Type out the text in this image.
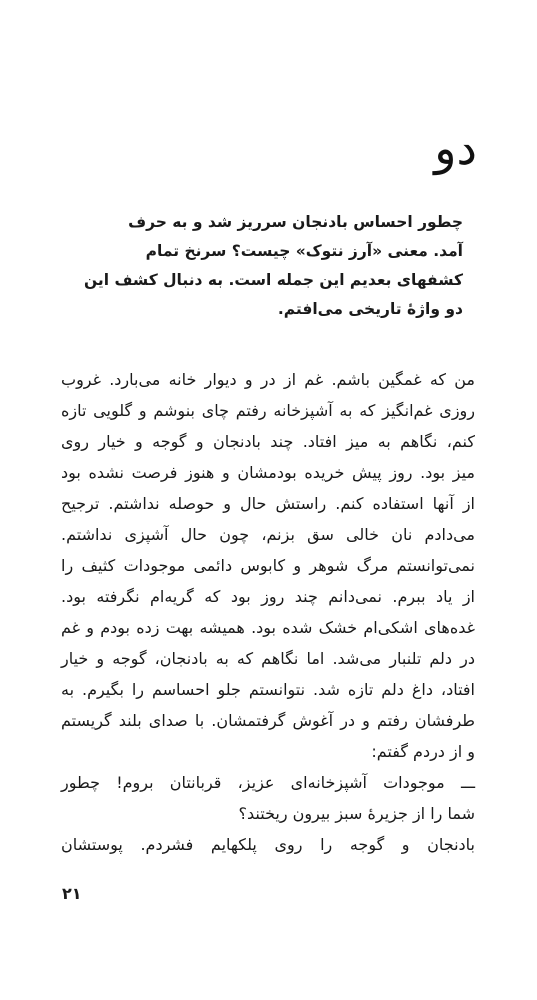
دو
چطور احساس بادنجان سرریز شد و به حرف
آمد. معنی «آرز نتوک» چیست؟ سرنخ تمام
کشفهای بعدیم این جمله است. به دنبال کشف این
دو واژهٔ تاریخی می‌افتم.
من که غمگین باشم. غم از در و دیوار خانه می‌بارد. غروب
روزی غم‌انگیز که به آشپزخانه رفتم چای بنوشم و گلویی تازه
کنم، نگاهم به میز افتاد. چند بادنجان و گوجه و خیار روی
میز بود. روز پیش خریده بودمشان و هنوز فرصت نشده بود
از آنها استفاده کنم. راستش حال و حوصله نداشتم. ترجیح
می‌دادم نان خالی سق بزنم، چون حال آشپزی نداشتم.
نمی‌توانستم مرگ شوهر و کابوس دائمی موجودات کثیف را
از یاد ببرم. نمی‌دانم چند روز بود که گریه‌ام نگرفته بود.
غده‌های اشکی‌ام خشک شده بود. همیشه بهت زده بودم و غم
در دلم تلنبار می‌شد. اما نگاهم که به بادنجان، گوجه و خیار
افتاد، داغ دلم تازه شد. نتوانستم جلو احساسم را بگیرم. به
طرفشان رفتم و در آغوش گرفتمشان. با صدای بلند گریستم
و از دردم گفتم:
ـــ موجودات آشپزخانه‌ای عزیز، قربانتان بروم! چطور
شما را از جزیرهٔ سبز بیرون ریختند؟
بادنجان و گوجه را روی پلکهایم فشردم. پوستشان

۲۱
